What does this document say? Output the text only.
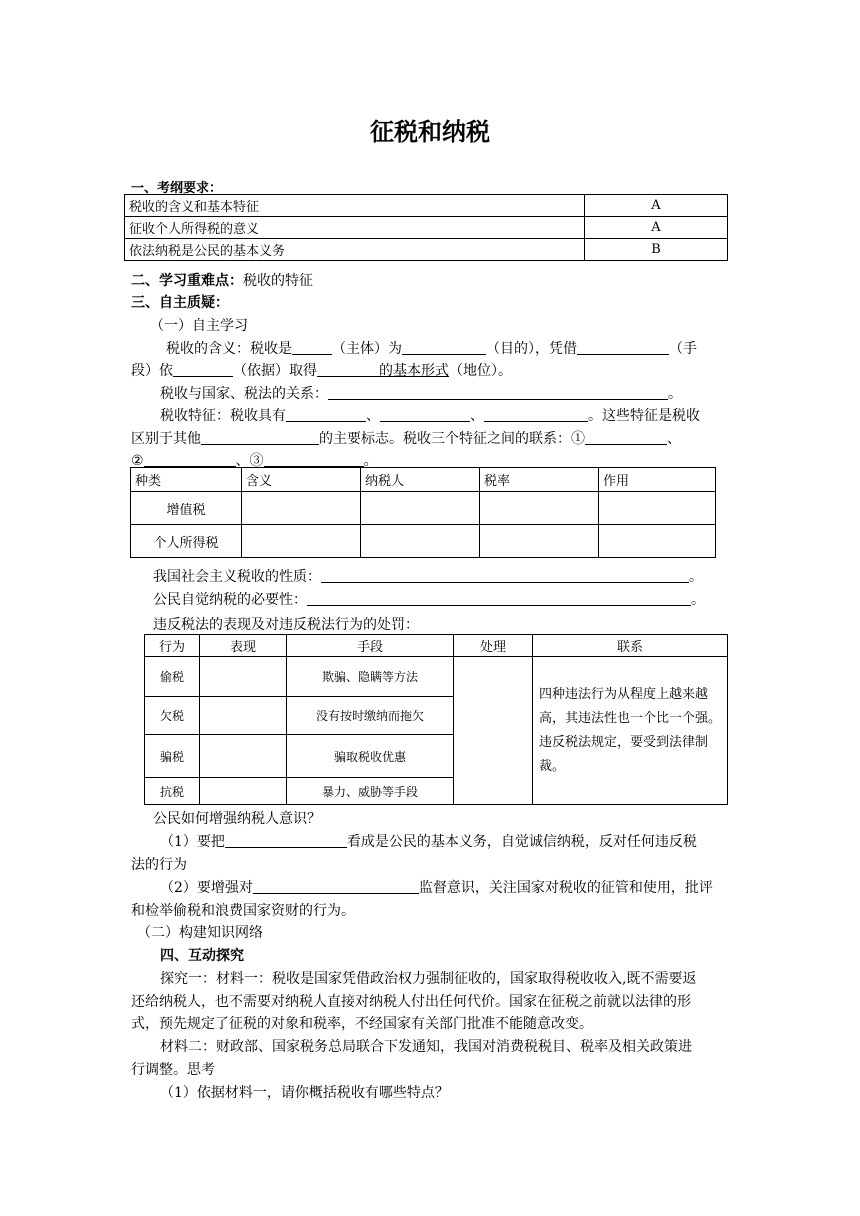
征税和纳税
一、考纲要求：
税收的含义和基本特征	A
征收个人所得税的意义	A
依法纳税是公民的基本义务	B
二、学习重难点：税收的特征
三、自主质疑：
（一）自主学习
税收的含义：税收是	（主体）为	（目的），凭借	（手
段）依	（依据）取得	的基本形式（地位）。
税收与国家、税法的关系：	。
税收特征：税收具有	、	、	。这些特征是税收
区别于其他	的主要标志。税收三个特征之间的联系：①	、
②	、③	。
种类	含义	纳税人	税率	作用
增值税				
个人所得税				
我国社会主义税收的性质：	。
公民自觉纳税的必要性：	。
违反税法的表现及对违反税法行为的处罚：
行为	表现	手段	处理	联系
偷税		欺骗、隐瞒等方法		四种违法行为从程度上越来越
高，其违法性也一个比一个强。
违反税法规定，要受到法律制
裁。

欠税		没有按时缴纳而拖欠		
骗税		骗取税收优惠		
抗税		暴力、威胁等手段		
公民如何增强纳税人意识？
（1）要把	看成是公民的基本义务，自觉诚信纳税，反对任何违反税
法的行为
（2）要增强对	监督意识，关注国家对税收的征管和使用，批评
和检举偷税和浪费国家资财的行为。
（二）构建知识网络
四、互动探究
探究一：材料一：税收是国家凭借政治权力强制征收的，国家取得税收收入,既不需要返
还给纳税人，也不需要对纳税人直接对纳税人付出任何代价。国家在征税之前就以法律的形
式，预先规定了征税的对象和税率，不经国家有关部门批准不能随意改变。
材料二：财政部、国家税务总局联合下发通知，我国对消费税税目、税率及相关政策进
行调整。思考
（1）依据材料一，请你概括税收有哪些特点？
